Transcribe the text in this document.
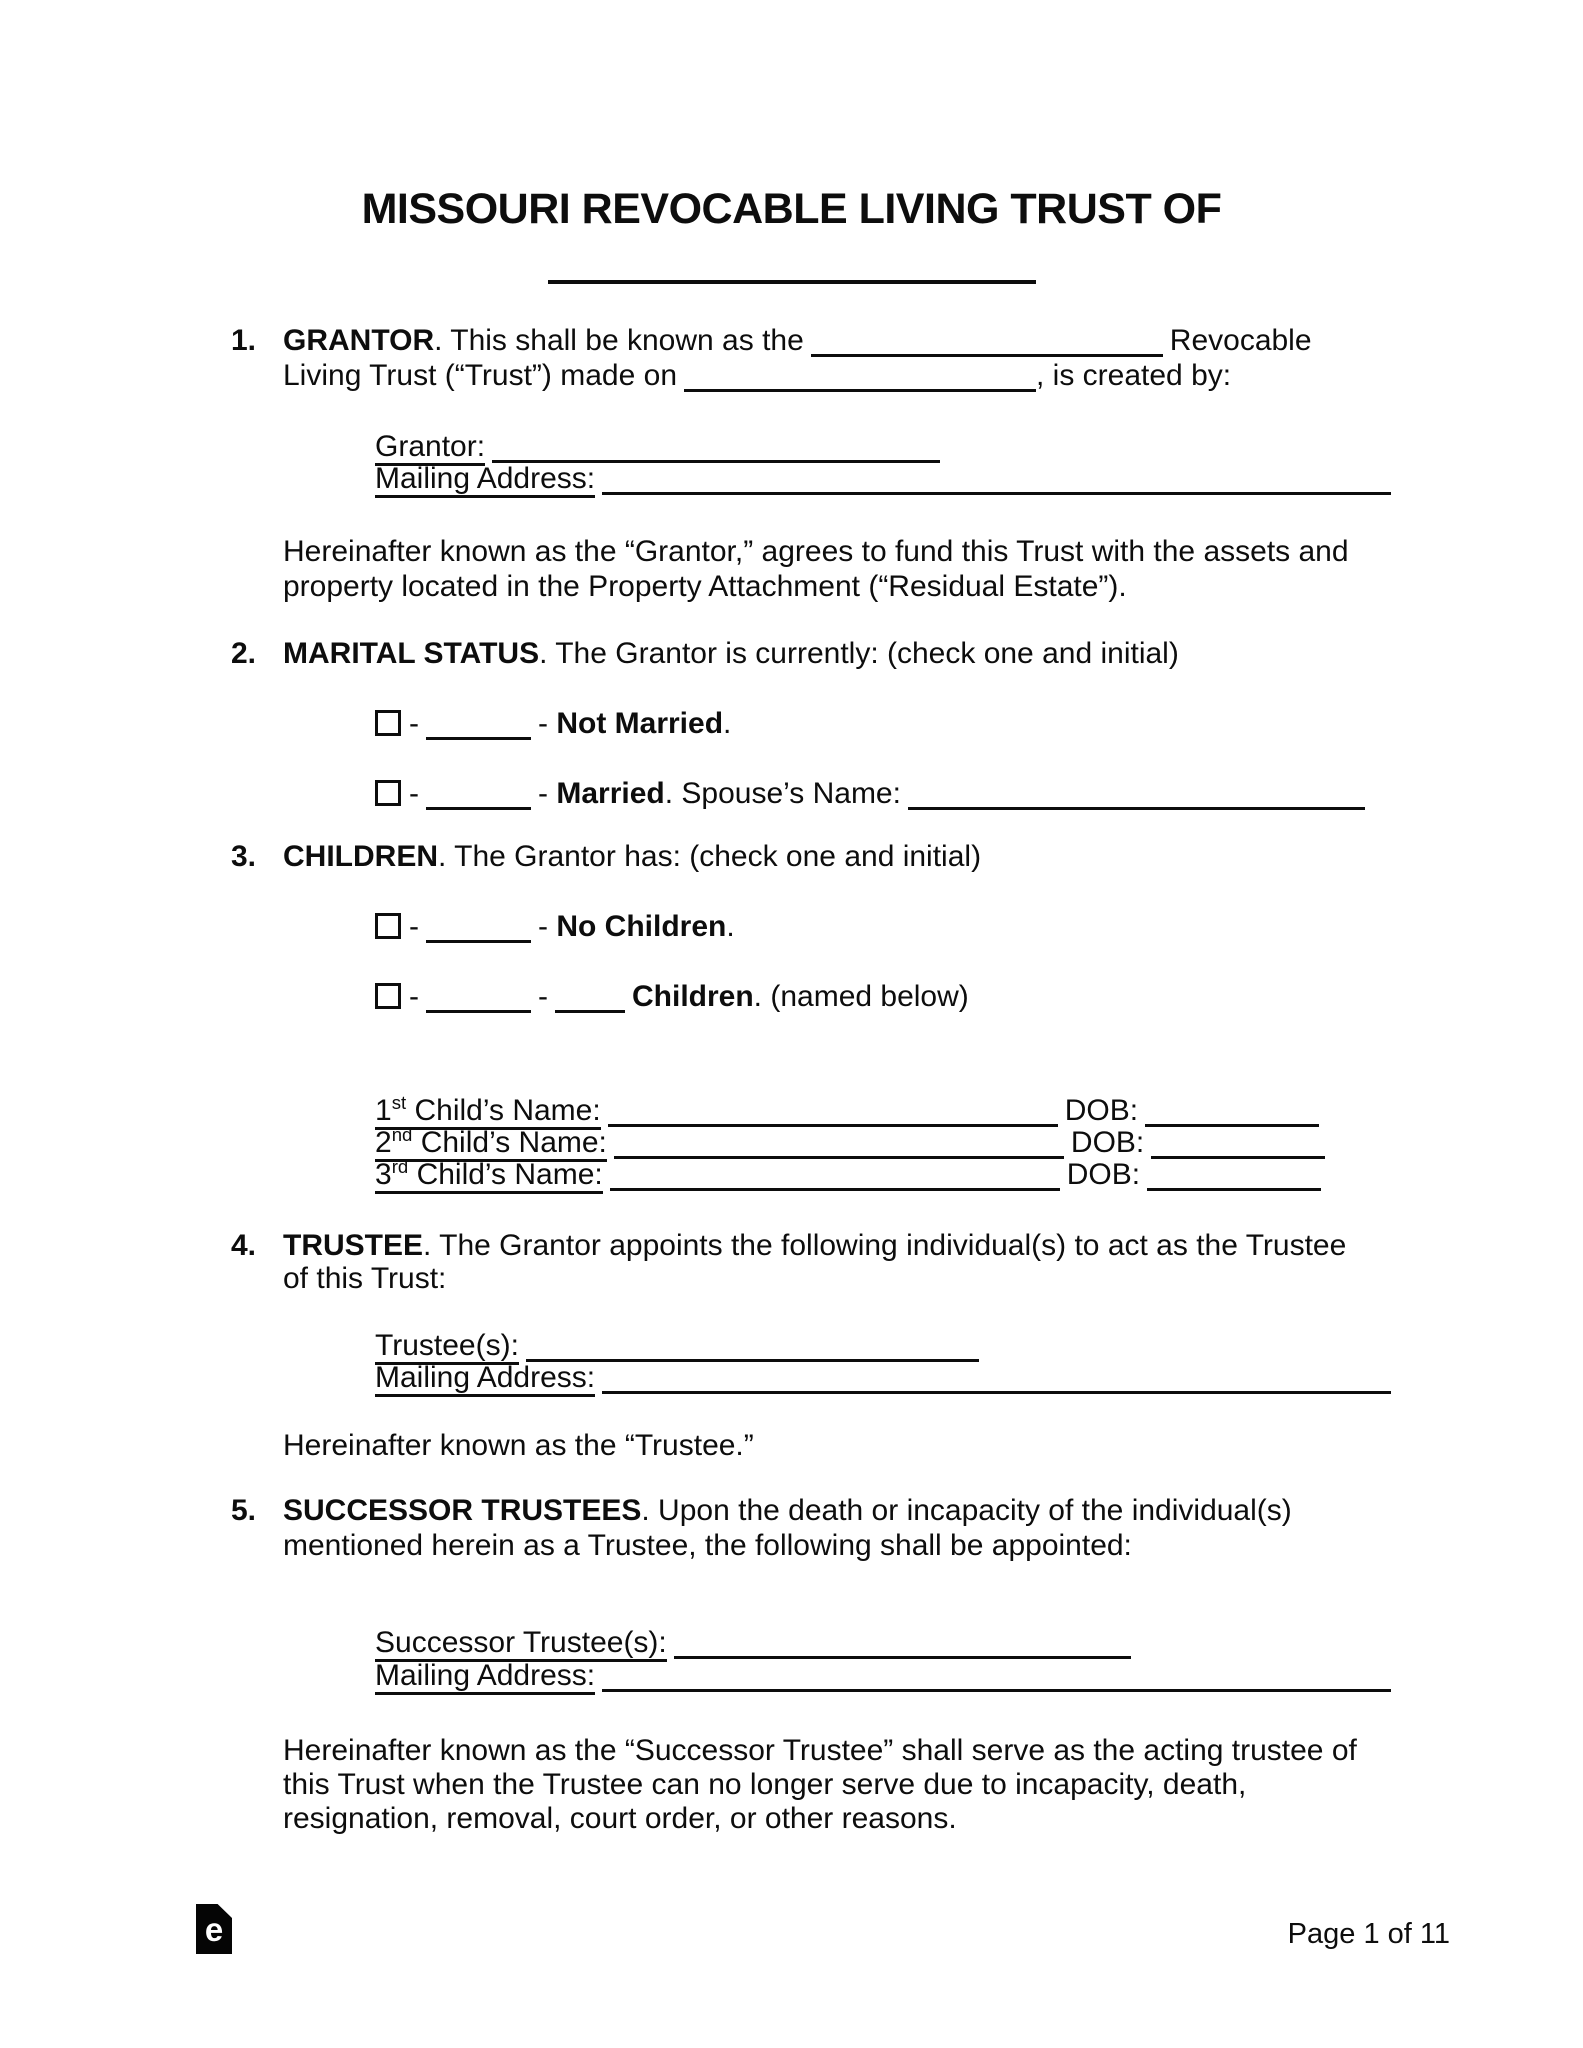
MISSOURI REVOCABLE LIVING TRUST OF
1. GRANTOR. This shall be known as the	Revocable
Living Trust (“Trust”) made on	, is created by:
Grantor:
Mailing Address:
Hereinafter known as the “Grantor,” agrees to fund this Trust with the assets and
property located in the Property Attachment (“Residual Estate”).
2. MARITAL STATUS. The Grantor is currently: (check one and initial)
-	- Not Married.
-	- Married. Spouse’s Name:
3. CHILDREN. The Grantor has: (check one and initial)
-	- No Children.
-	-	Children. (named below)
1st Child’s Name:	DOB:
2nd Child’s Name:	DOB:
3rd Child’s Name:	DOB:
4. TRUSTEE. The Grantor appoints the following individual(s) to act as the Trustee
of this Trust:
Trustee(s):
Mailing Address:
Hereinafter known as the “Trustee.”
5. SUCCESSOR TRUSTEES. Upon the death or incapacity of the individual(s)
mentioned herein as a Trustee, the following shall be appointed:
Successor Trustee(s):
Mailing Address:
Hereinafter known as the “Successor Trustee” shall serve as the acting trustee of
this Trust when the Trustee can no longer serve due to incapacity, death,
resignation, removal, court order, or other reasons.
e	Page 1 of 11
